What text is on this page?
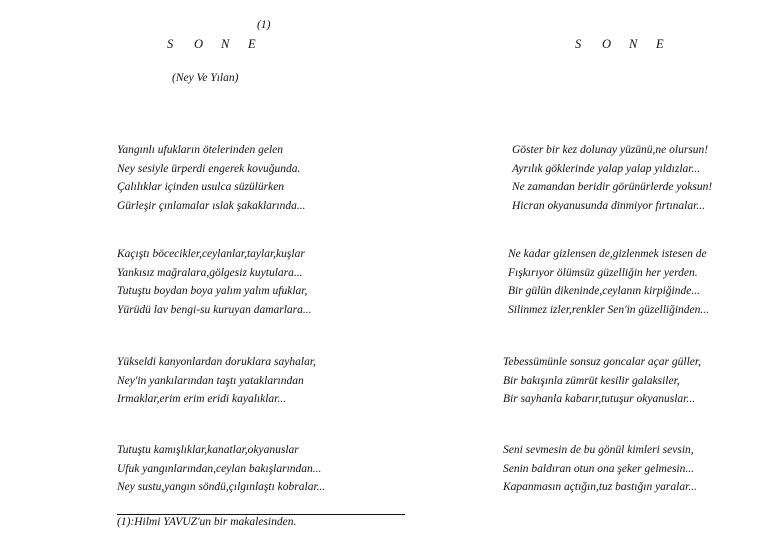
(1)
S O N E
(Ney Ve Yılan)
Yangınlı ufukların ötelerinden gelen
Ney sesiyle ürperdi engerek kovuğunda.
Çalılıklar içinden usulca süzülürken
Gürleşir çınlamalar ıslak şakaklarında...
Kaçıştı böcecikler,ceylanlar,taylar,kuşlar
Yankısız mağralara,gölgesiz kuytulara...
Tutuştu boydan boya yalım yalım ufuklar,
Yürüdü lav bengi-su kuruyan damarlara...
Yükseldi kanyonlardan doruklara sayhalar,
Ney'in yankılarından taştı yataklarından
Irmaklar,erim erim eridi kayalıklar...
Tutuştu kamışlıklar,kanatlar,okyanuslar
Ufuk yangınlarından,ceylan bakışlarından...
Ney sustu,yangın söndü,çılgınlaştı kobralar...
(1):Hilmi YAVUZ'un bir makalesinden.
S O N E
Göster bir kez dolunay yüzünü,ne olursun!
Ayrılık göklerinde yalap yalap yıldızlar...
Ne zamandan beridir görünürlerde yoksun!
Hicran okyanusunda dinmiyor fırtınalar...
Ne kadar gizlensen de,gizlenmek istesen de
Fışkırıyor ölümsüz güzelliğin her yerden.
Bir gülün dikeninde,ceylanın kirpiğinde...
Silinmez izler,renkler Sen'in güzelliğinden...
Tebessümünle sonsuz goncalar açar güller,
Bir bakışınla zümrüt kesilir galaksiler,
Bir sayhanla kabarır,tutuşur okyanuslar...
Seni sevmesin de bu gönül kimleri sevsin,
Senin baldıran otun ona şeker gelmesin...
Kapanmasın açtığın,tuz bastığın yaralar...
